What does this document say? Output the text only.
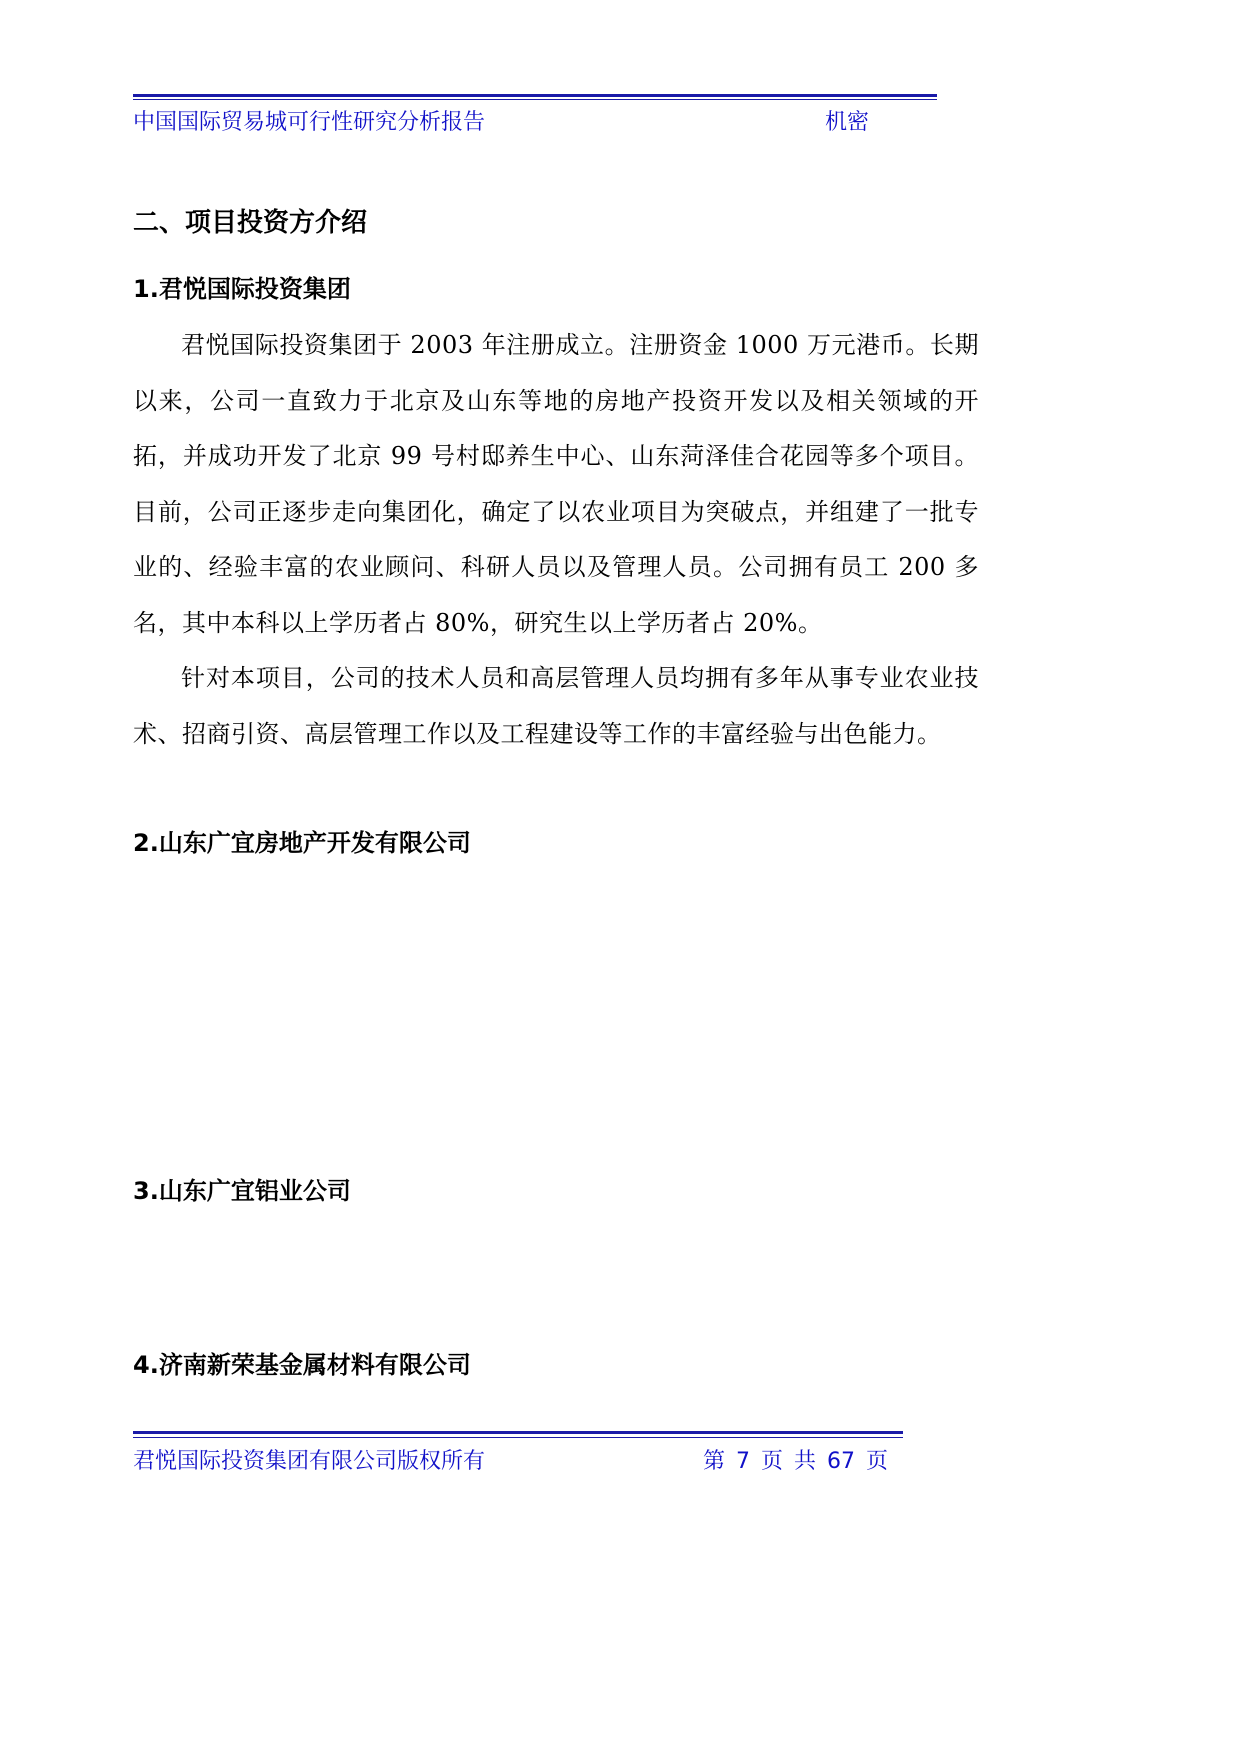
中国国际贸易城可行性研究分析报告	机密
二、项目投资方介绍
1.君悦国际投资集团
君悦国际投资集团于 2003 年注册成立。注册资金 1000 万元港币。长期以来，公司一直致力于北京及山东等地的房地产投资开发以及相关领域的开拓，并成功开发了北京 99 号村邸养生中心、山东菏泽佳合花园等多个项目。目前，公司正逐步走向集团化，确定了以农业项目为突破点，并组建了一批专业的、经验丰富的农业顾问、科研人员以及管理人员。公司拥有员工 200 多名，其中本科以上学历者占 80%，研究生以上学历者占 20%。
针对本项目，公司的技术人员和高层管理人员均拥有多年从事专业农业技术、招商引资、高层管理工作以及工程建设等工作的丰富经验与出色能力。
2.山东广宜房地产开发有限公司
3.山东广宜铝业公司
4.济南新荣基金属材料有限公司
君悦国际投资集团有限公司版权所有	第 7 页 共 67 页
